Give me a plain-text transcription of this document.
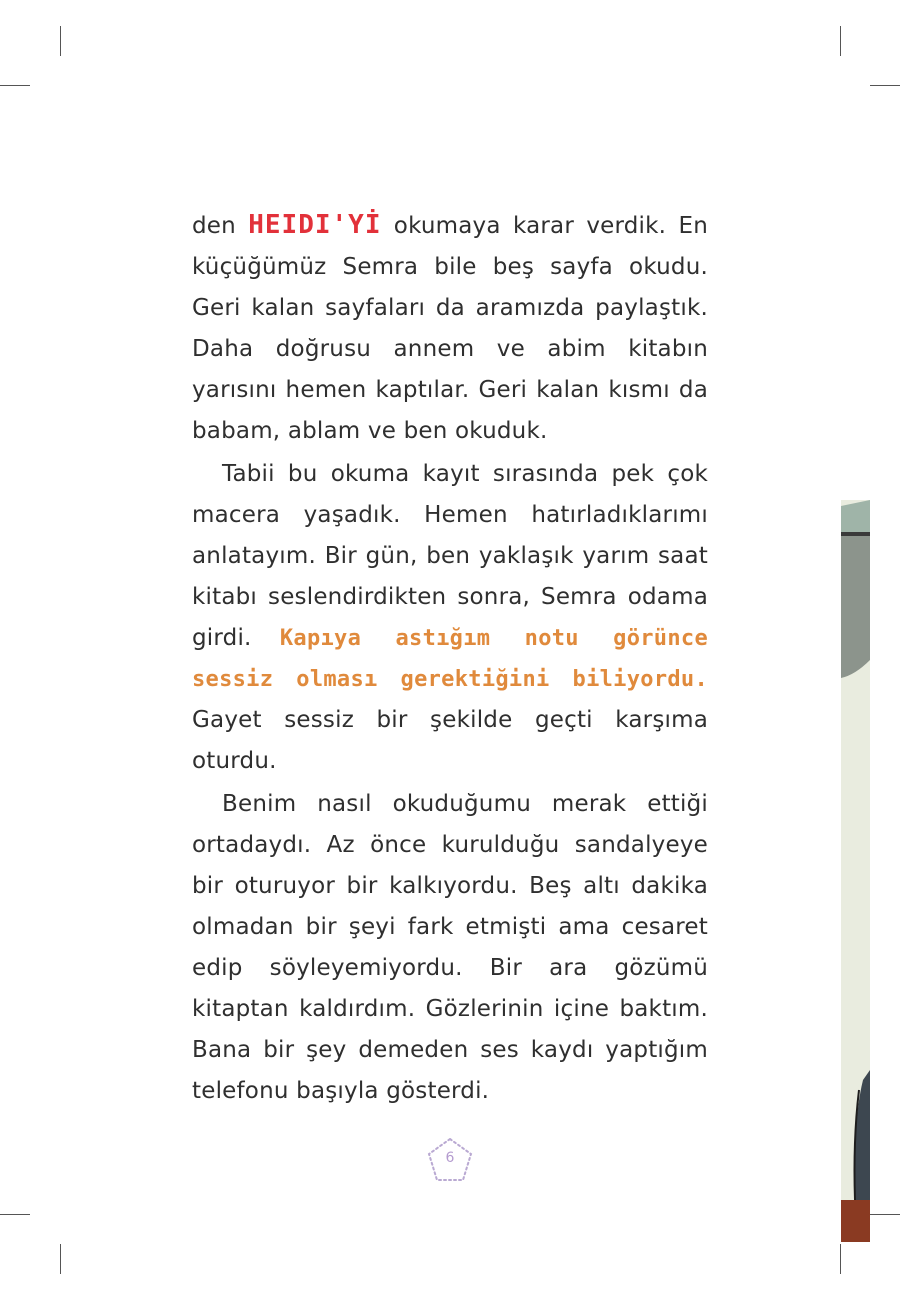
den HEIDI'Yİ okumaya karar verdik. En küçüğümüz Semra bile beş sayfa okudu. Geri kalan sayfaları da aramızda paylaştık. Daha doğrusu annem ve abim kitabın yarısını hemen kaptılar. Geri kalan kısmı da babam, ablam ve ben okuduk.

Tabii bu okuma kayıt sırasında pek çok macera yaşadık. Hemen hatırladıklarımı anlatayım. Bir gün, ben yaklaşık yarım saat kitabı seslendirdikten sonra, Semra odama girdi. Kapıya astığım notu görünce sessiz olması gerektiğini biliyordu. Gayet sessiz bir şekilde geçti karşıma oturdu.

Benim nasıl okuduğumu merak ettiği ortadaydı. Az önce kurulduğu sandalyeye bir oturuyor bir kalkıyordu. Beş altı dakika olmadan bir şeyi fark etmişti ama cesaret edip söyleyemiyordu. Bir ara gözümü kitaptan kaldırdım. Gözlerinin içine baktım. Bana bir şey demeden ses kaydı yaptığım telefonu başıyla gösterdi.

6
